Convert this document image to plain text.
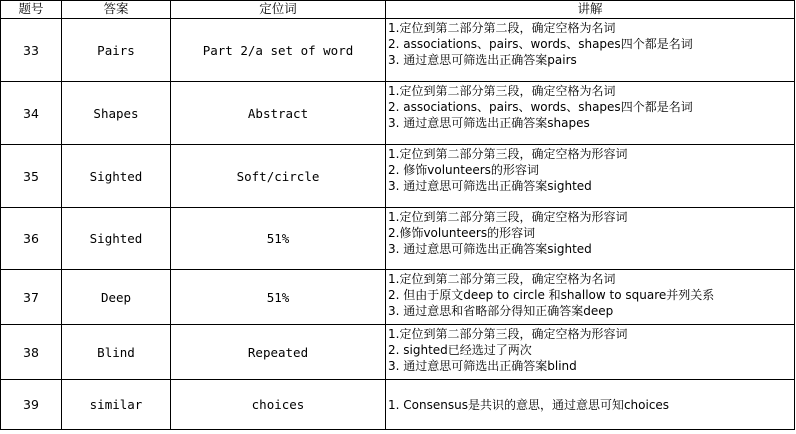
题号	答案	定位词	讲解
33	Pairs	Part 2/a set of word	1.定位到第二部分第二段，确定空格为名词
2. associations、pairs、words、shapes四个都是名词
3. 通过意思可筛选出正确答案pairs

34	Shapes	Abstract	1.定位到第二部分第三段，确定空格为名词
2. associations、pairs、words、shapes四个都是名词
3. 通过意思可筛选出正确答案shapes

35	Sighted	Soft/circle	1.定位到第二部分第三段，确定空格为形容词
2. 修饰volunteers的形容词
3. 通过意思可筛选出正确答案sighted

36	Sighted	51%	1.定位到第二部分第三段，确定空格为形容词
2.修饰volunteers的形容词
3. 通过意思可筛选出正确答案sighted

37	Deep	51%	1.定位到第二部分第三段，确定空格为名词
2. 但由于原文deep to circle 和shallow to square并列关系
3. 通过意思和省略部分得知正确答案deep

38	Blind	Repeated	1.定位到第二部分第三段，确定空格为形容词
2. sighted已经选过了两次
3. 通过意思可筛选出正确答案blind

39	similar	choices	1. Consensus是共识的意思，通过意思可知choices
